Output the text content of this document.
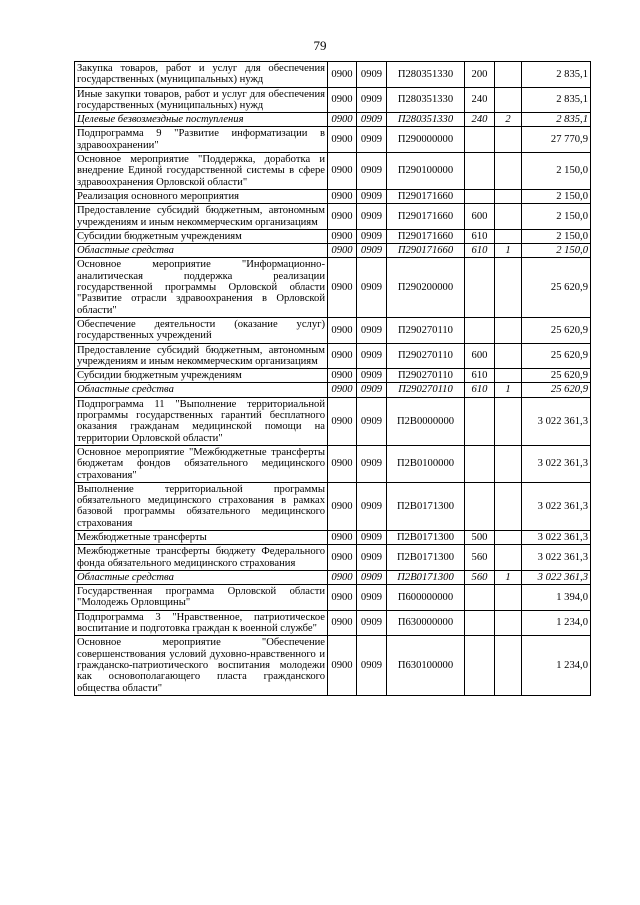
79
Закупка товаров, работ и услуг для обеспечения государственных (муниципальных) нужд	0900	0909	П280351330	200		2 835,1
Иные закупки товаров, работ и услуг для обеспечения государственных (муниципальных) нужд	0900	0909	П280351330	240		2 835,1
Целевые безвозмездные поступления	0900	0909	П280351330	240	2	2 835,1
Подпрограмма 9 "Развитие информатизации в здравоохранении"	0900	0909	П290000000			27 770,9
Основное мероприятие "Поддержка, доработка и внедрение Единой государственной системы в сфере здравоохранения Орловской области"	0900	0909	П290100000			2 150,0
Реализация основного мероприятия	0900	0909	П290171660			2 150,0
Предоставление субсидий бюджетным, автономным учреждениям и иным некоммерческим организациям	0900	0909	П290171660	600		2 150,0
Субсидии бюджетным учреждениям	0900	0909	П290171660	610		2 150,0
Областные средства	0900	0909	П290171660	610	1	2 150,0
Основное мероприятие "Информационно-аналитическая поддержка реализации государственной программы Орловской области "Развитие отрасли здравоохранения в Орловской области"	0900	0909	П290200000			25 620,9
Обеспечение деятельности (оказание услуг) государственных учреждений	0900	0909	П290270110			25 620,9
Предоставление субсидий бюджетным, автономным учреждениям и иным некоммерческим организациям	0900	0909	П290270110	600		25 620,9
Субсидии бюджетным учреждениям	0900	0909	П290270110	610		25 620,9
Областные средства	0900	0909	П290270110	610	1	25 620,9
Подпрограмма 11 "Выполнение территориальной программы государственных гарантий бесплатного оказания гражданам медицинской помощи на территории Орловской области"	0900	0909	П2В0000000			3 022 361,3
Основное мероприятие "Межбюджетные трансферты бюджетам фондов обязательного медицинского страхования"	0900	0909	П2В0100000			3 022 361,3
Выполнение территориальной программы обязательного медицинского страхования в рамках базовой программы обязательного медицинского страхования	0900	0909	П2В0171300			3 022 361,3
Межбюджетные трансферты	0900	0909	П2В0171300	500		3 022 361,3
Межбюджетные трансферты бюджету Федерального фонда обязательного медицинского страхования	0900	0909	П2В0171300	560		3 022 361,3
Областные средства	0900	0909	П2В0171300	560	1	3 022 361,3
Государственная программа Орловской области "Молодежь Орловщины"	0900	0909	П600000000			1 394,0
Подпрограмма 3 "Нравственное, патриотическое воспитание и подготовка граждан к военной службе"	0900	0909	П630000000			1 234,0
Основное мероприятие "Обеспечение совершенствования условий духовно-нравственного и гражданско-патриотического воспитания молодежи как основополагающего пласта гражданского общества области"	0900	0909	П630100000			1 234,0
